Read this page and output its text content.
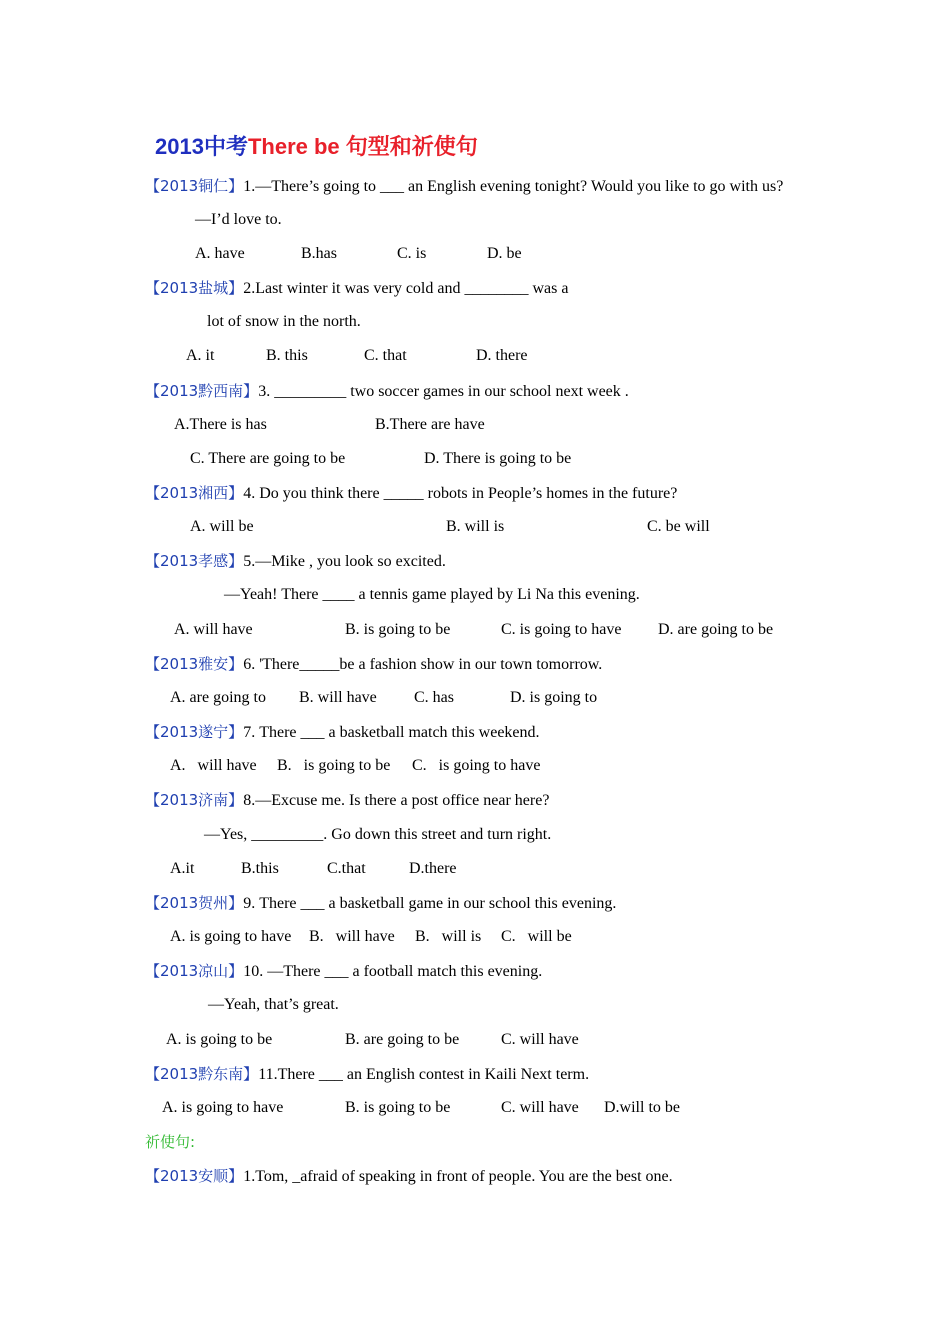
2013中考There be 句型和祈使句
【2013铜仁】1.—There’s going to ___ an English evening tonight? Would you like to go with us?
—I’d love to.
A. have	B.has	C. is	D. be
【2013盐城】2.Last winter it was very cold and ________ was a
lot of snow in the north.
A. it	B. this	C. that	D. there
【2013黔西南】3. _________ two soccer games in our school next week .
A.There is has	B.There are have
C. There are going to be	D. There is going to be
【2013湘西】4. Do you think there _____ robots in People’s homes in the future?
A. will be	B. will is	C. be will
【2013孝感】5.—Mike , you look so excited.
—Yeah! There ____ a tennis game played by Li Na this evening.
A. will have	B. is going to be	C. is going to have D. are going to be
【2013雅安】6. 'There_____be a fashion show in our town tomorrow.
A. are going to B. will have C. has	D. is going to
【2013遂宁】7. There ___ a basketball match this weekend.
A.   will have B.   is going to be C.   is going to have
【2013济南】8.—Excuse me. Is there a post office near here?
—Yes, _________. Go down this street and turn right.
A.it	B.this	C.that	D.there
【2013贺州】9. There ___ a basketball game in our school this evening.
A. is going to have B.   will have B.   will is C.   will be
【2013凉山】10. —There ___ a football match this evening.
—Yeah, that’s great.
A. is going to be	B. are going to be	C. will have
【2013黔东南】11.There ___ an English contest in Kaili Next term.
A. is going to have	B. is going to be	C. will have D.will to be
祈使句:
【2013安顺】1.Tom, _afraid of speaking in front of people. You are the best one.
